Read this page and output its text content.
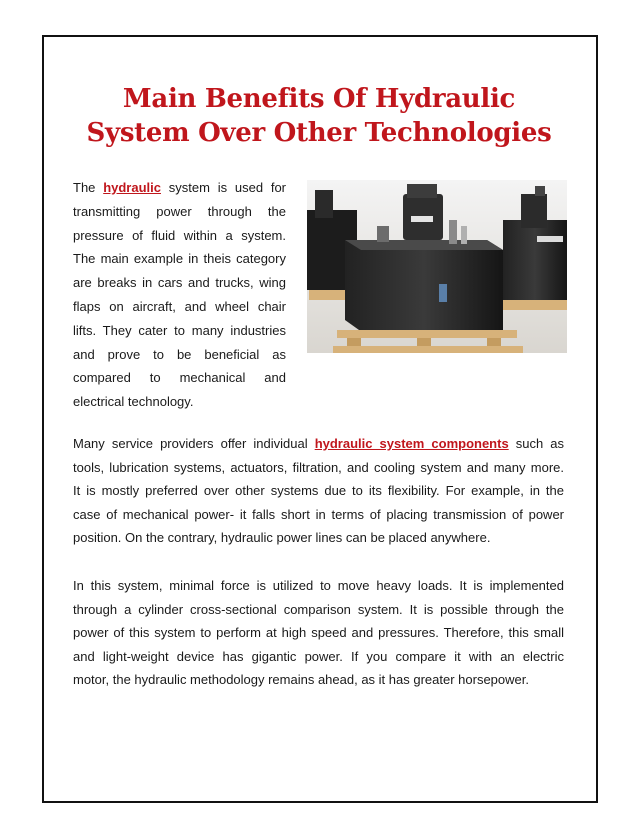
Main Benefits Of Hydraulic
System Over Other Technologies

The hydraulic system is used for
transmitting power through the
pressure of fluid within a system.
The main example in theis category
are breaks in cars and trucks, wing
flaps on aircraft, and wheel chair
lifts. They cater to many industries
and prove to be beneficial as
compared to mechanical and
electrical technology.

Many service providers offer individual hydraulic system components such as
tools, lubrication systems, actuators, filtration, and cooling system and many more.
It is mostly preferred over other systems due to its flexibility. For example, in the
case of mechanical power- it falls short in terms of placing transmission of power
position. On the contrary, hydraulic power lines can be placed anywhere.

In this system, minimal force is utilized to move heavy loads. It is implemented
through a cylinder cross-sectional comparison system. It is possible through the
power of this system to perform at high speed and pressures. Therefore, this small
and light-weight device has gigantic power. If you compare it with an electric
motor, the hydraulic methodology remains ahead, as it has greater horsepower.
